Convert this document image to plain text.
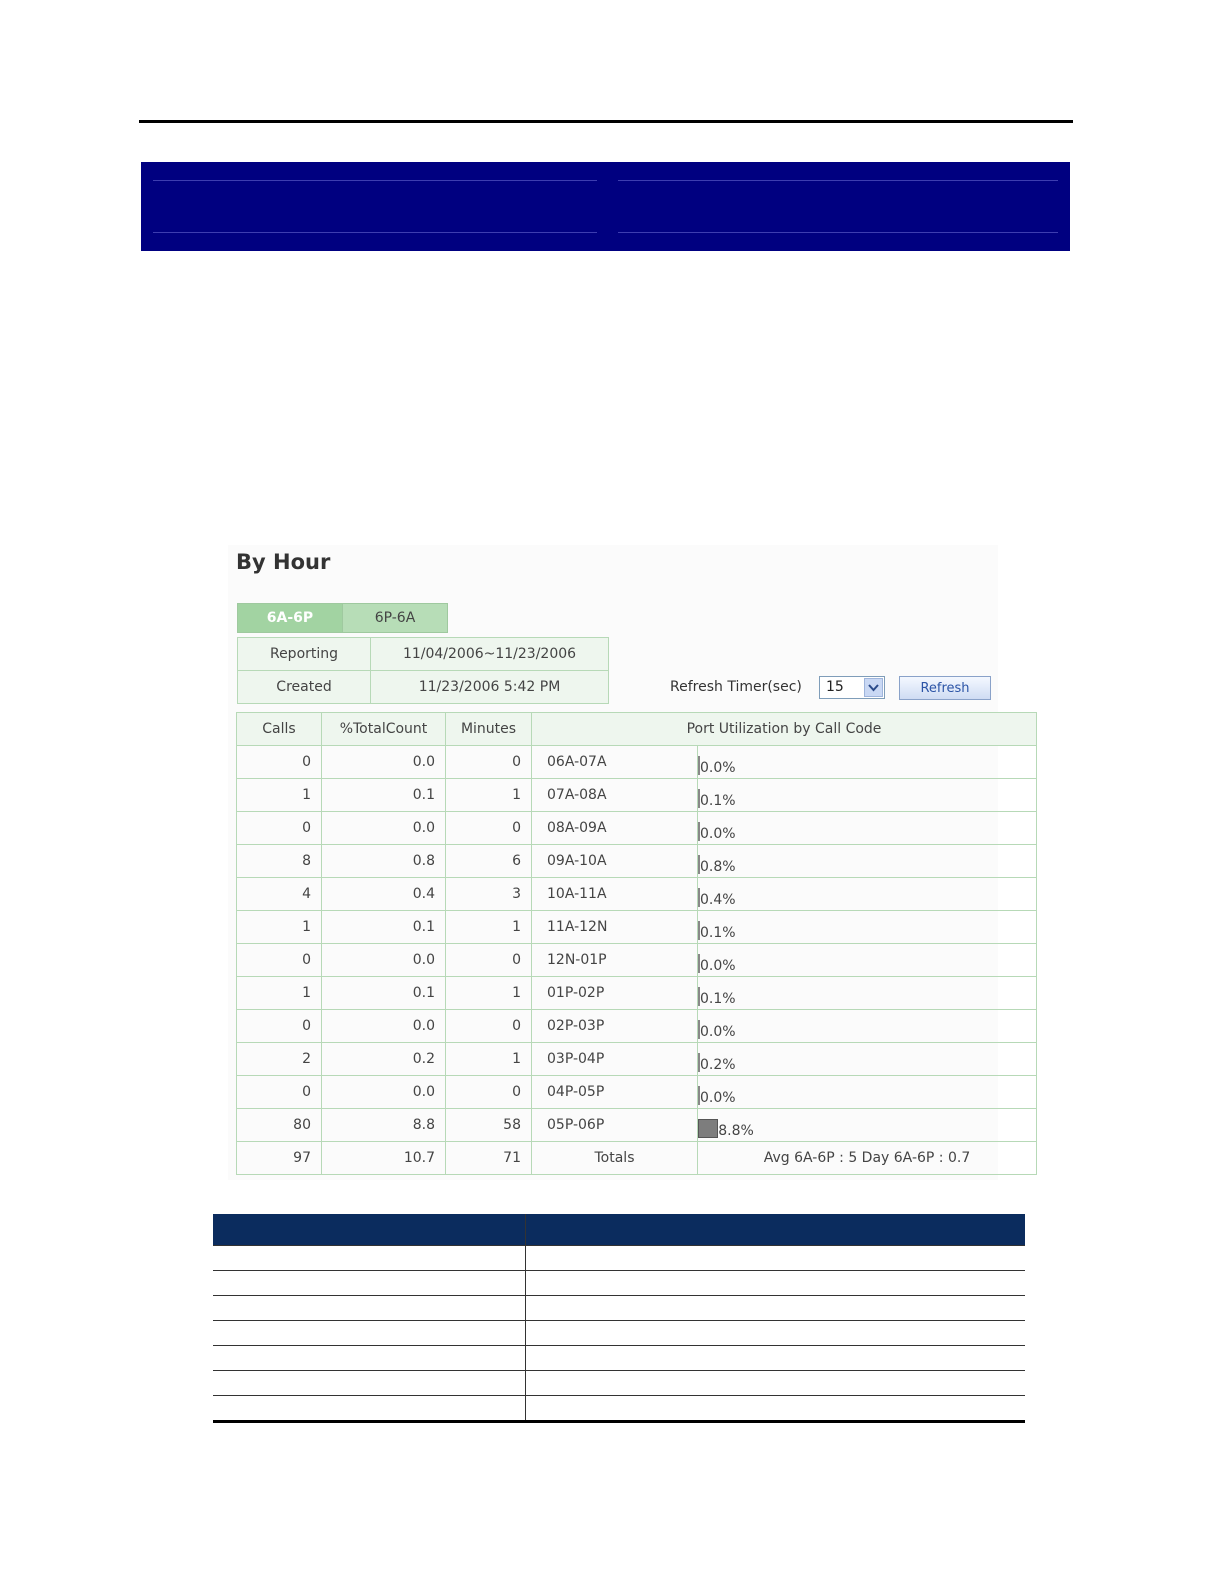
By Hour
6A-6P	6P-6A
Reporting	11/04/2006~11/23/2006
Created	11/23/2006 5:42 PM	Refresh Timer(sec) 15	Refresh
Calls	%TotalCount	Minutes	Port Utilization by Call Code	
0	0.0	0	06A-07A	0.0%

1	0.1	1	07A-08A	0.1%

0	0.0	0	08A-09A	0.0%

8	0.8	6	09A-10A	0.8%

4	0.4	3	10A-11A	0.4%

1	0.1	1	11A-12N	0.1%

0	0.0	0	12N-01P	0.0%

1	0.1	1	01P-02P	0.1%

0	0.0	0	02P-03P	0.0%

2	0.2	1	03P-04P	0.2%

0	0.0	0	04P-05P	0.0%

80	8.8	58	05P-06P	8.8%

97	10.7	71	Totals	Avg 6A-6P : 5 Day 6A-6P : 0.7
